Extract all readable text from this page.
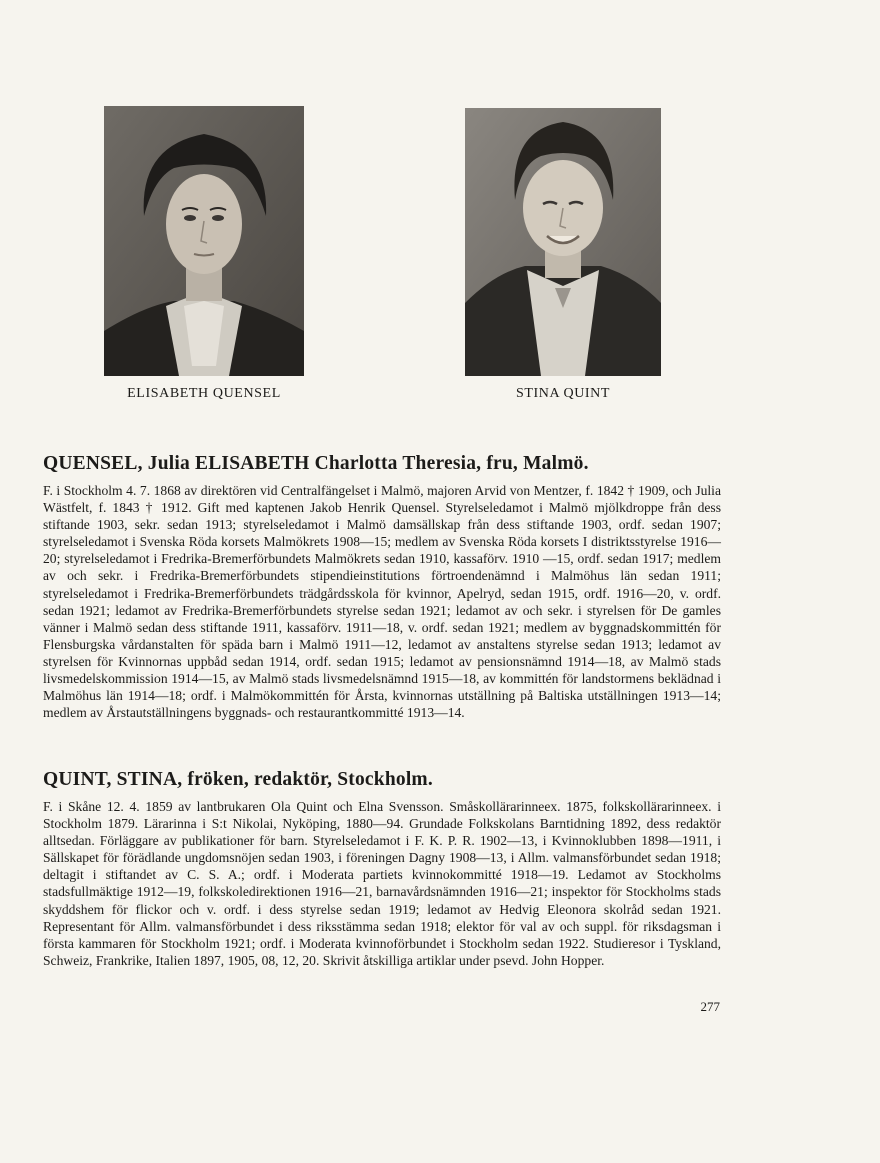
ELISABETH QUENSEL	STINA QUINT
QUENSEL, Julia ELISABETH Charlotta Theresia, fru, Malmö.

F. i Stockholm 4. 7. 1868 av direktören vid Centralfängelset i Malmö, majoren Arvid von Mentzer, f. 1842 † 1909, och Julia Wästfelt, f. 1843 † 1912. Gift med kaptenen Jakob Henrik Quensel. Styrelseledamot i Malmö mjölkdroppe från dess stiftande 1903, sekr. sedan 1913; styrelseledamot i Malmö damsällskap från dess stiftande 1903, ordf. sedan 1907; styrelseledamot i Svenska Röda korsets Malmökrets 1908—15; medlem av Svenska Röda korsets I distriktsstyrelse 1916—20; styrelseledamot i Fredrika-Bremerförbundets Malmökrets sedan 1910, kassaförv. 1910 —15, ordf. sedan 1917; medlem av och sekr. i Fredrika-Bremerförbundets stipendieinstitutions förtroendenämnd i Malmöhus län sedan 1911; styrelseledamot i Fredrika-Bremerförbundets trädgårdsskola för kvinnor, Apelryd, sedan 1915, ordf. 1916—20, v. ordf. sedan 1921; ledamot av Fredrika-Bremerförbundets styrelse sedan 1921; ledamot av och sekr. i styrelsen för De gamles vänner i Malmö sedan dess stiftande 1911, kassaförv. 1911—18, v. ordf. sedan 1921; medlem av byggnadskommittén för Flensburgska vårdanstalten för späda barn i Malmö 1911—12, ledamot av anstaltens styrelse sedan 1913; ledamot av styrelsen för Kvinnornas uppbåd sedan 1914, ordf. sedan 1915; ledamot av pensionsnämnd 1914—18, av Malmö stads livsmedelskommission 1914—15, av Malmö stads livsmedelsnämnd 1915—18, av kommittén för landstormens beklädnad i Malmöhus län 1914—18; ordf. i Malmökommittén för Årsta, kvinnornas utställning på Baltiska utställningen 1913—14; medlem av Årstautställningens byggnads- och restaurantkommitté 1913—14.

QUINT, STINA, fröken, redaktör, Stockholm.

F. i Skåne 12. 4. 1859 av lantbrukaren Ola Quint och Elna Svensson. Småskollärarinneex. 1875, folkskollärarinneex. i Stockholm 1879. Lärarinna i S:t Nikolai, Nyköping, 1880—94. Grundade Folkskolans Barntidning 1892, dess redaktör alltsedan. Förläggare av publikationer för barn. Styrelseledamot i F. K. P. R. 1902—13, i Kvinnoklubben 1898—1911, i Sällskapet för förädlande ungdomsnöjen sedan 1903, i föreningen Dagny 1908—13, i Allm. valmansförbundet sedan 1918; deltagit i stiftandet av C. S. A.; ordf. i Moderata partiets kvinnokommitté 1918—19. Ledamot av Stockholms stadsfullmäktige 1912—19, folkskoledirektionen 1916—21, barnavårdsnämnden 1916—21; inspektor för Stockholms stads skyddshem för flickor och v. ordf. i dess styrelse sedan 1919; ledamot av Hedvig Eleonora skolråd sedan 1921. Representant för Allm. valmansförbundet i dess riksstämma sedan 1918; elektor för val av och suppl. för riksdagsman i första kammaren för Stockholm 1921; ordf. i Moderata kvinnoförbundet i Stockholm sedan 1922. Studieresor i Tyskland, Schweiz, Frankrike, Italien 1897, 1905, 08, 12, 20. Skrivit åtskilliga artiklar under psevd. John Hopper.

277
